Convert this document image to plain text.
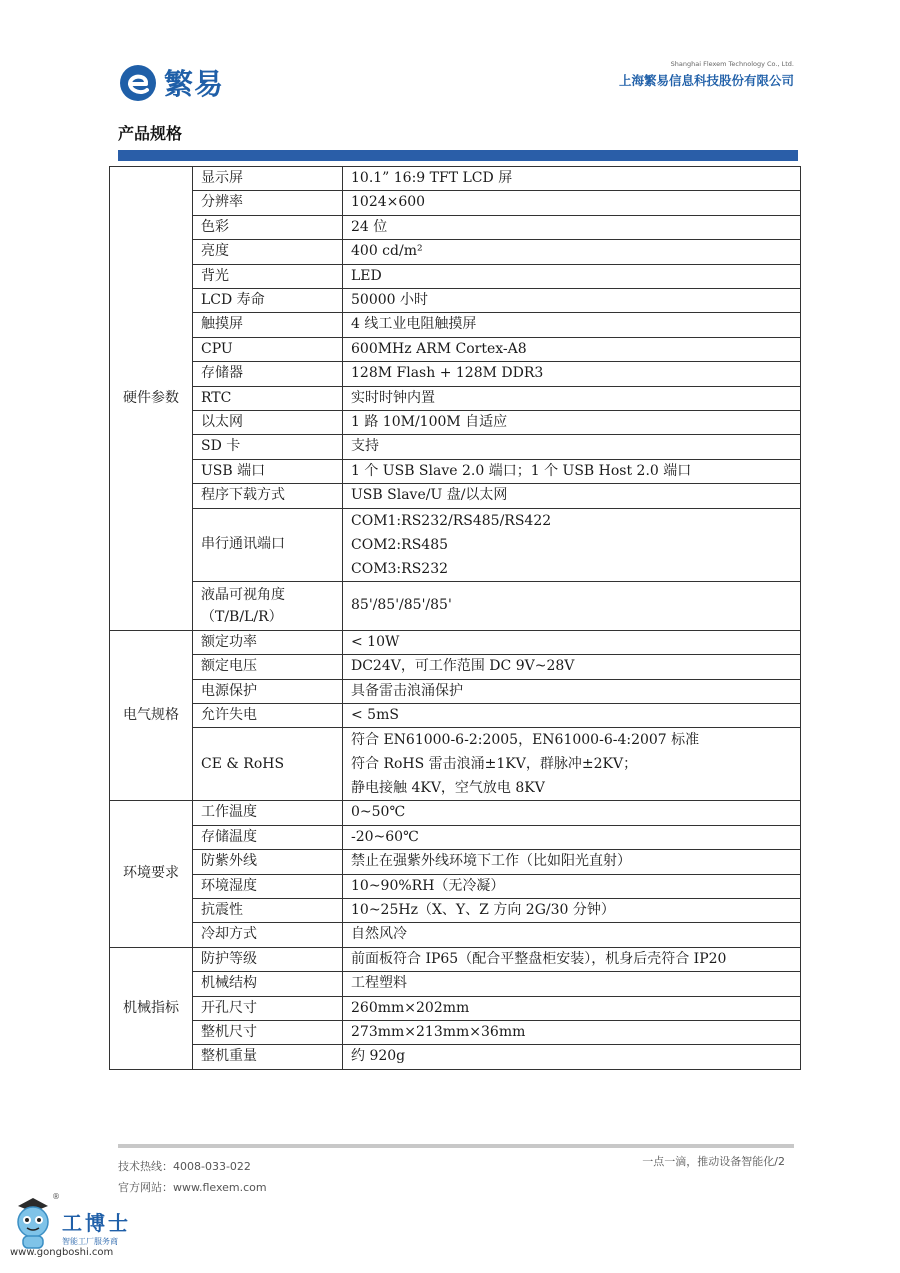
繁易
Shanghai Flexem Technology Co., Ltd.
上海繁易信息科技股份有限公司
产品规格
硬件参数	显示屏	10.1” 16:9 TFT LCD 屏
	分辨率	1024×600
	色彩	24 位
	亮度	400 cd/m²
	背光	LED
	LCD 寿命	50000 小时
	触摸屏	4 线工业电阻触摸屏
	CPU	600MHz ARM Cortex-A8
	存储器	128M Flash + 128M DDR3
	RTC	实时时钟内置
	以太网	1 路 10M/100M 自适应
	SD 卡	支持
	USB 端口	1 个 USB Slave 2.0 端口；1 个 USB Host 2.0 端口
	程序下载方式	USB Slave/U 盘/以太网
	串行通讯端口	COM1:RS232/RS485/RS422
COM2:RS485
COM3:RS232

	液晶可视角度
（T/B/L/R）	85'/85'/85'/85'
电气规格	额定功率	< 10W
	额定电压	DC24V，可工作范围 DC 9V~28V
	电源保护	具备雷击浪涌保护
	允许失电	< 5mS
	CE & RoHS	符合 EN61000-6-2:2005，EN61000-6-4:2007 标准
符合 RoHS 雷击浪涌±1KV，群脉冲±2KV；
静电接触 4KV，空气放电 8KV

环境要求	工作温度	0~50℃
	存储温度	-20~60℃
	防紫外线	禁止在强紫外线环境下工作（比如阳光直射）
	环境湿度	10~90%RH（无冷凝）
	抗震性	10~25Hz（X、Y、Z 方向 2G/30 分钟）
	冷却方式	自然风冷
机械指标	防护等级	前面板符合 IP65（配合平整盘柜安装），机身后壳符合 IP20
	机械结构	工程塑料
	开孔尺寸	260mm×202mm
	整机尺寸	273mm×213mm×36mm
	整机重量	约 920g
技术热线：4008-033-022
官方网站：www.flexem.com
一点一滴，推动设备智能化/2
工博士
智能工厂服务商
®
www.gongboshi.com
